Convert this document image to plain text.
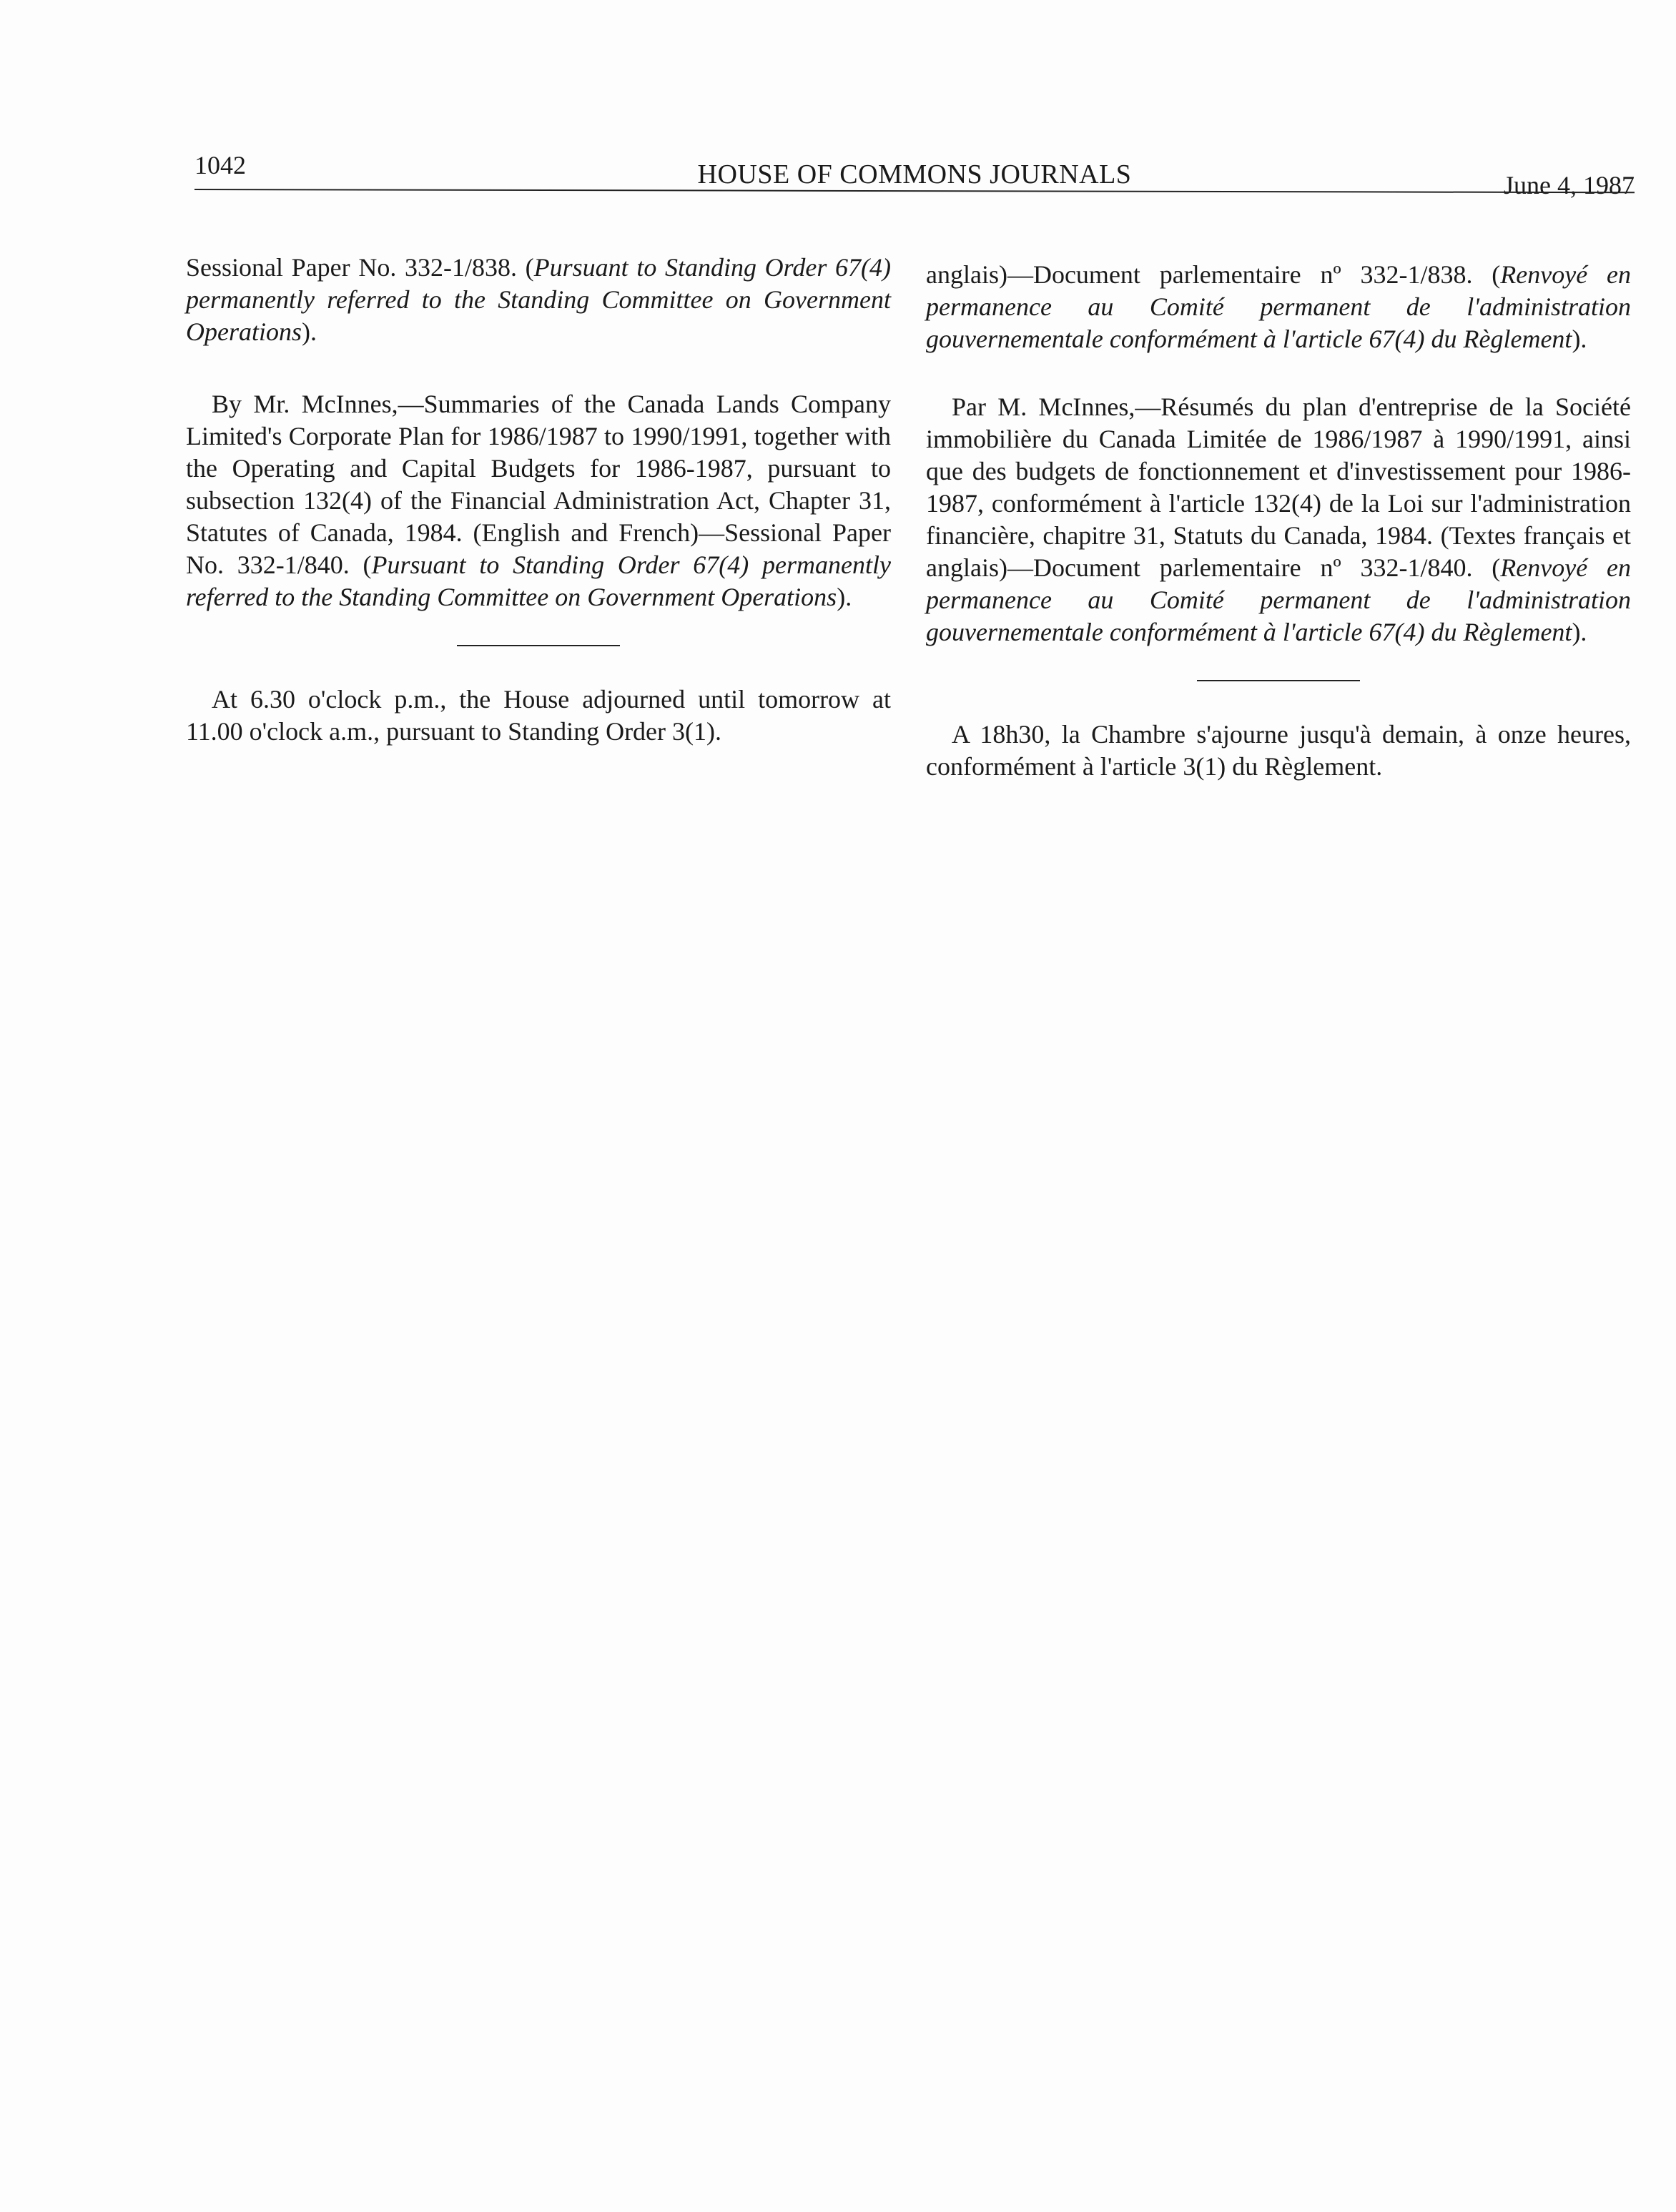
1042	HOUSE OF COMMONS JOURNALS	June 4, 1987

Sessional Paper No. 332-1/838. (Pursuant to Standing Order 67(4) permanently referred to the Standing Committee on Government Operations).

By Mr. McInnes,—Summaries of the Canada Lands Company Limited's Corporate Plan for 1986/1987 to 1990/1991, together with the Operating and Capital Budgets for 1986-1987, pursuant to subsection 132(4) of the Financial Administration Act, Chapter 31, Statutes of Canada, 1984. (English and French)—Sessional Paper No. 332-1/840. (Pursuant to Standing Order 67(4) permanently referred to the Standing Committee on Government Operations).

At 6.30 o'clock p.m., the House adjourned until tomorrow at 11.00 o'clock a.m., pursuant to Standing Order 3(1).

anglais)—Document parlementaire nº 332-1/838. (Renvoyé en permanence au Comité permanent de l'administration gouvernementale conformément à l'article 67(4) du Règlement).

Par M. McInnes,—Résumés du plan d'entreprise de la Société immobilière du Canada Limitée de 1986/1987 à 1990/1991, ainsi que des budgets de fonctionnement et d'investissement pour 1986-1987, conformément à l'article 132(4) de la Loi sur l'administration financière, chapitre 31, Statuts du Canada, 1984. (Textes français et anglais)—Document parlementaire nº 332-1/840. (Renvoyé en permanence au Comité permanent de l'administration gouvernementale conformément à l'article 67(4) du Règlement).

A 18h30, la Chambre s'ajourne jusqu'à demain, à onze heures, conformément à l'article 3(1) du Règlement.
